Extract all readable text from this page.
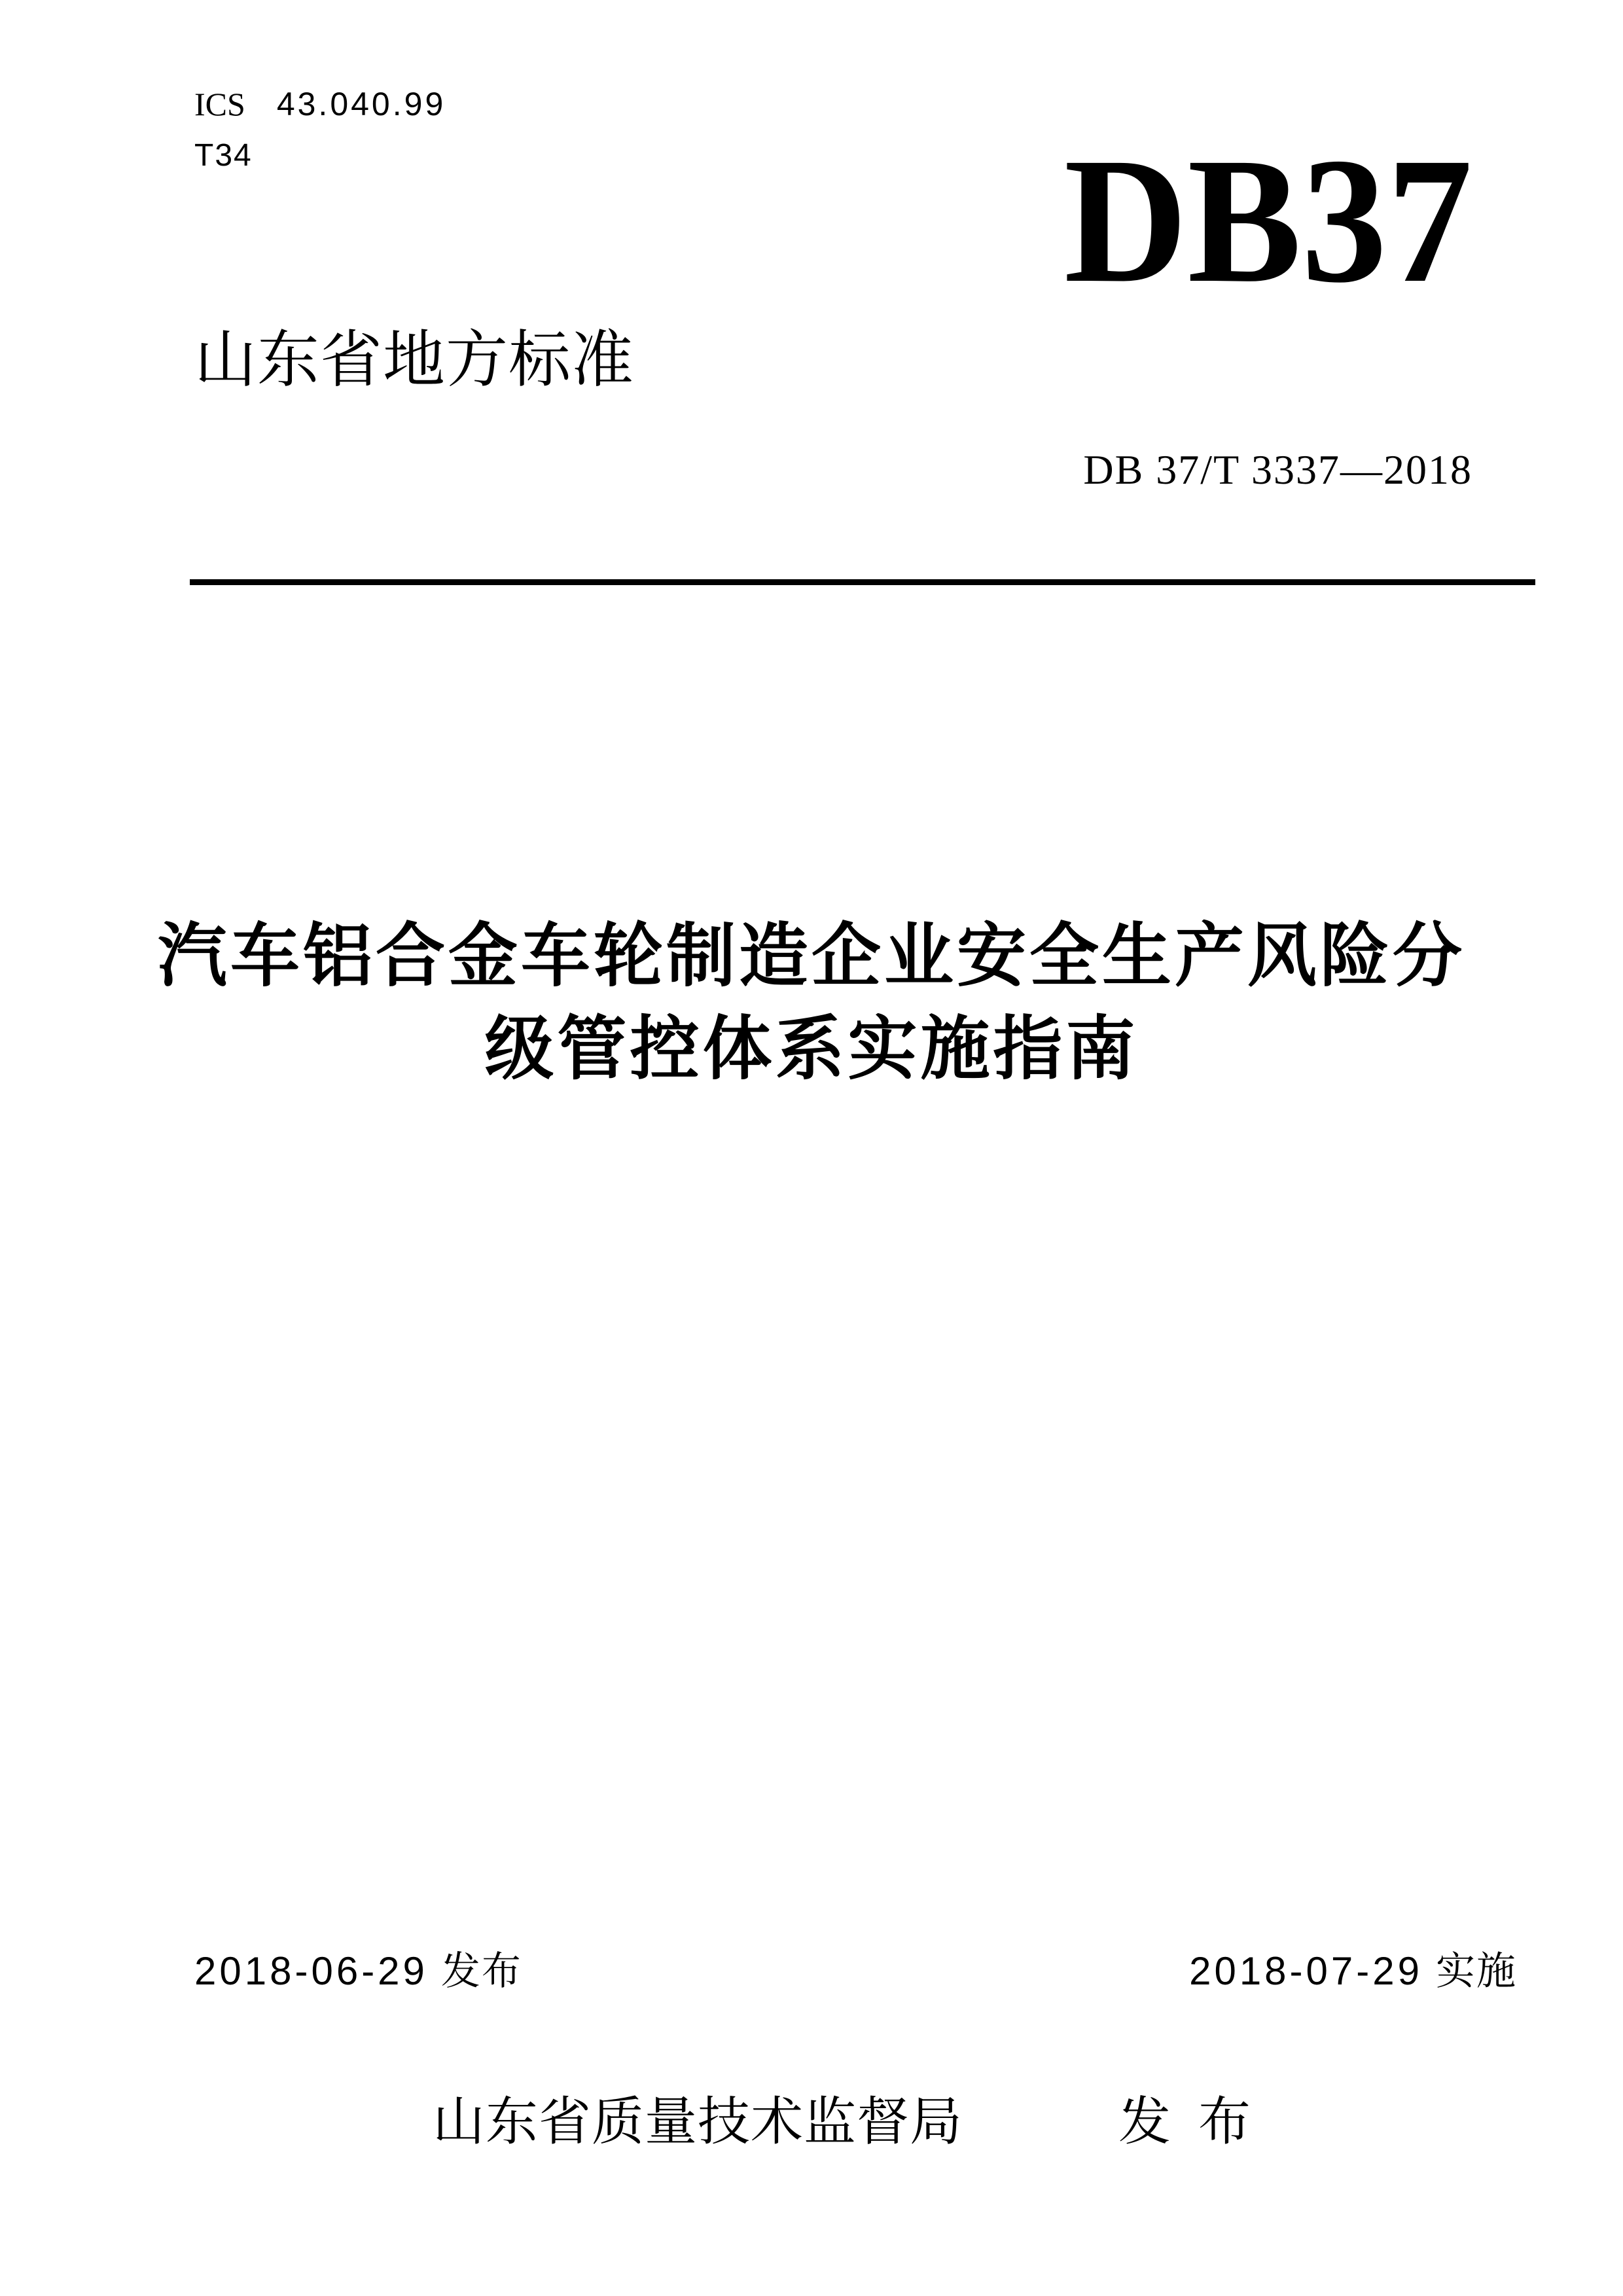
ICS 43.040.99
T34	DB37
山东省地方标准
DB 37/T 3337—2018
汽车铝合金车轮制造企业安全生产风险分
级管控体系实施指南
2018-06-29 发布	2018-07-29 实施
山东省质量技术监督局	发布
